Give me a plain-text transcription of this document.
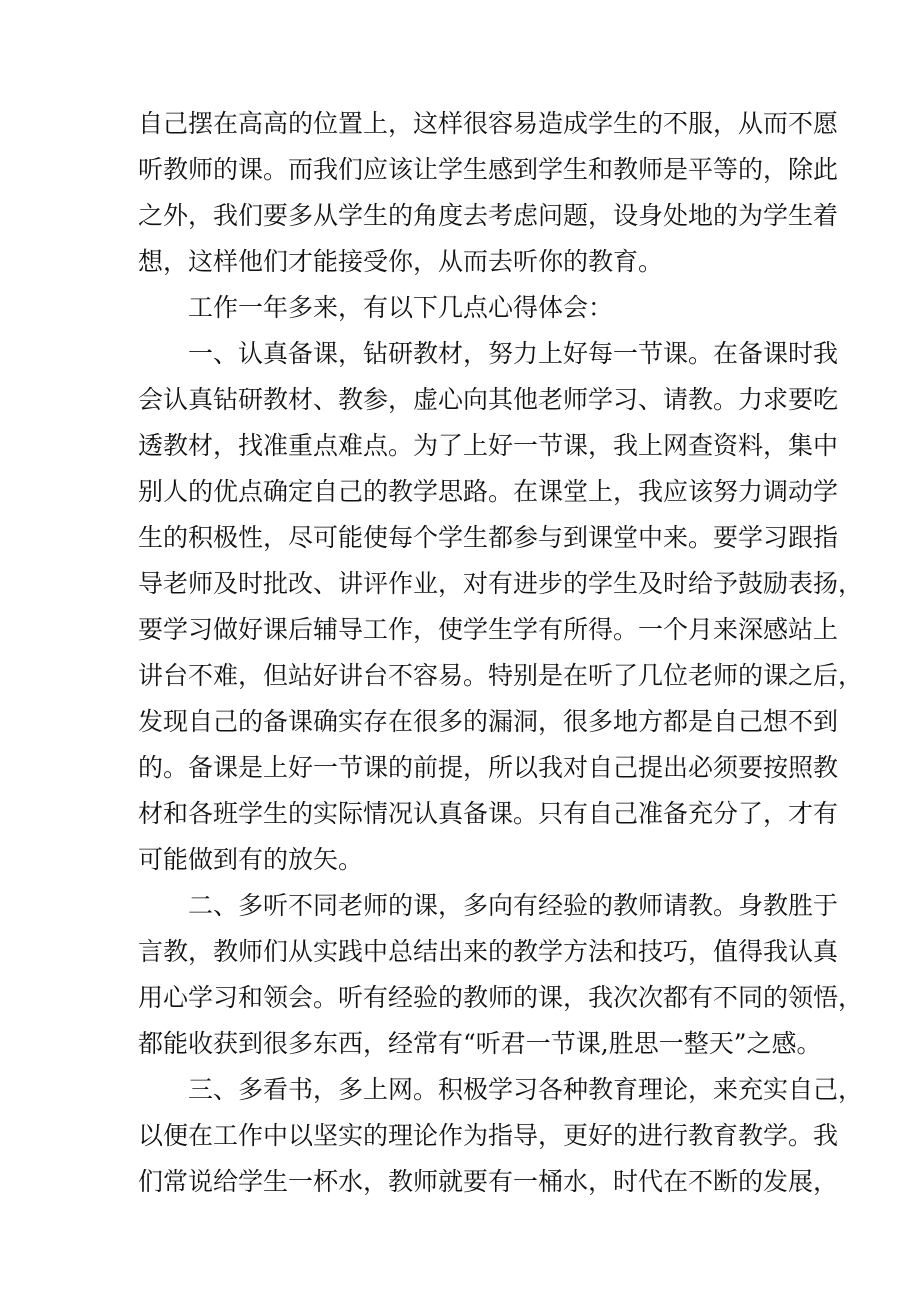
自己摆在高高的位置上，这样很容易造成学生的不服，从而不愿
听教师的课。而我们应该让学生感到学生和教师是平等的，除此
之外，我们要多从学生的角度去考虑问题，设身处地的为学生着
想，这样他们才能接受你，从而去听你的教育。
工作一年多来，有以下几点心得体会：
一、认真备课，钻研教材，努力上好每一节课。在备课时我
会认真钻研教材、教参，虚心向其他老师学习、请教。力求要吃
透教材，找准重点难点。为了上好一节课，我上网查资料，集中
别人的优点确定自己的教学思路。在课堂上，我应该努力调动学
生的积极性，尽可能使每个学生都参与到课堂中来。要学习跟指
导老师及时批改、讲评作业，对有进步的学生及时给予鼓励表扬，
要学习做好课后辅导工作，使学生学有所得。一个月来深感站上
讲台不难，但站好讲台不容易。特别是在听了几位老师的课之后，
发现自己的备课确实存在很多的漏洞，很多地方都是自己想不到
的。备课是上好一节课的前提，所以我对自己提出必须要按照教
材和各班学生的实际情况认真备课。只有自己准备充分了，才有
可能做到有的放矢。
二、多听不同老师的课，多向有经验的教师请教。身教胜于
言教，教师们从实践中总结出来的教学方法和技巧，值得我认真
用心学习和领会。听有经验的教师的课，我次次都有不同的领悟，
都能收获到很多东西，经常有“听君一节课,胜思一整天”之感。
三、多看书，多上网。积极学习各种教育理论，来充实自己，
以便在工作中以坚实的理论作为指导，更好的进行教育教学。我
们常说给学生一杯水，教师就要有一桶水，时代在不断的发展，
